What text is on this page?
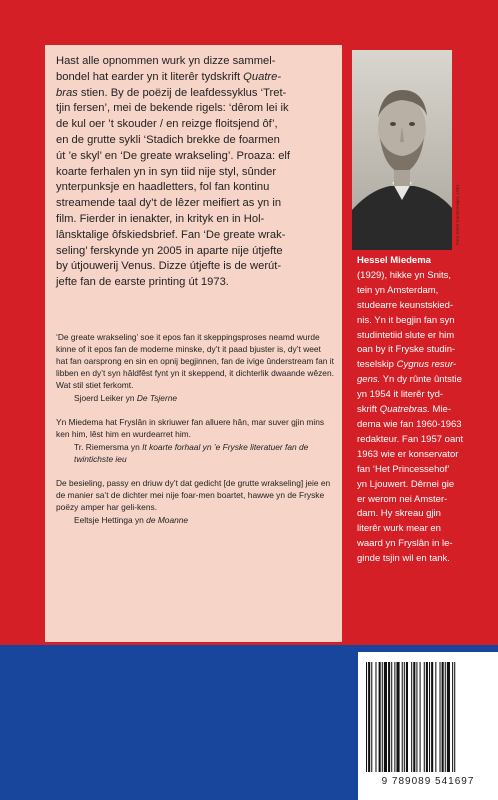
Hast alle opnommen wurk yn dizze sammel-

bondel hat earder yn it literêr tydskrift Quatre-

bras stien. By de poëzij de leafdessyklus ‘Tret-

tjin fersen’, mei de bekende rigels: ‘dêrom lei ik

de kul oer ’t skouder / en reizge floitsjend ôf’,

en de grutte sykli ‘Stadich brekke de foarmen

út ’e skyl’ en ‘De greate wrakseling’. Proaza: elf

koarte ferhalen yn in syn tiid nije styl, sûnder

ynterpunksje en haadletters, fol fan kontinu

streamende taal dy’t de lêzer meifiert as yn in

film. Fierder in ienakter, in krityk en in Hol-

lânsktalige ôfskiedsbrief. Fan ‘De greate wrak-

seling’ ferskynde yn 2005 in aparte nije útjefte

by útjouwerij Venus. Dizze útjefte is de werút-

jefte fan de earste printing út 1973.

‘De greate wrakseling’ soe it epos fan it skeppingsproses neamd wurde kinne of it epos fan de moderne minske, dy’t it paad bjuster is, dy’t weet hat fan oarsprong en sin en opnij begjinnen, fan de ivige ûnderstream fan it libben en dy’t syn hâldfêst fynt yn it skeppend, it dichterlik dwaande wêzen. Wat stil stiet ferkomt.

Sjoerd Leiker yn De Tsjerne

Yn Miedema hat Fryslân in skriuwer fan alluere hân, mar suver gjin mins ken him, lêst him en wurdearret him.

Tr. Riemersma yn It koarte forhaal yn ’e Fryske literatuer fan de twintichste ieu

De besieling, passy en driuw dy’t dat gedicht [de grutte wrakseling] jeie en de manier sa’t de dichter mei nije foar-men boartet, hawwe yn de Fryske poëzy amper har geli-kens.

Eeltsje Hettinga yn de Moanne

Foto Steef Karstemeijer, 1961

Hessel Miedema

(1929), hikke yn Snits,

tein yn Amsterdam,

studearre keunstskied-

nis. Yn it begjin fan syn

studintetiid slute er him

oan by it Fryske studin-

teselskip Cygnus resur-

gens. Yn dy rûnte ûntstie

yn 1954 it literêr tyd-

skrift Quatrebras. Mie-

dema wie fan 1960-1963

redakteur. Fan 1957 oant

1963 wie er konservator

fan ‘Het Princessehof’

yn Ljouwert. Dêrnei gie

er werom nei Amster-

dam. Hy skreau gjin

literêr wurk mear en

waard yn Fryslân in le-

ginde tsjin wil en tank.

9 789089 541697
